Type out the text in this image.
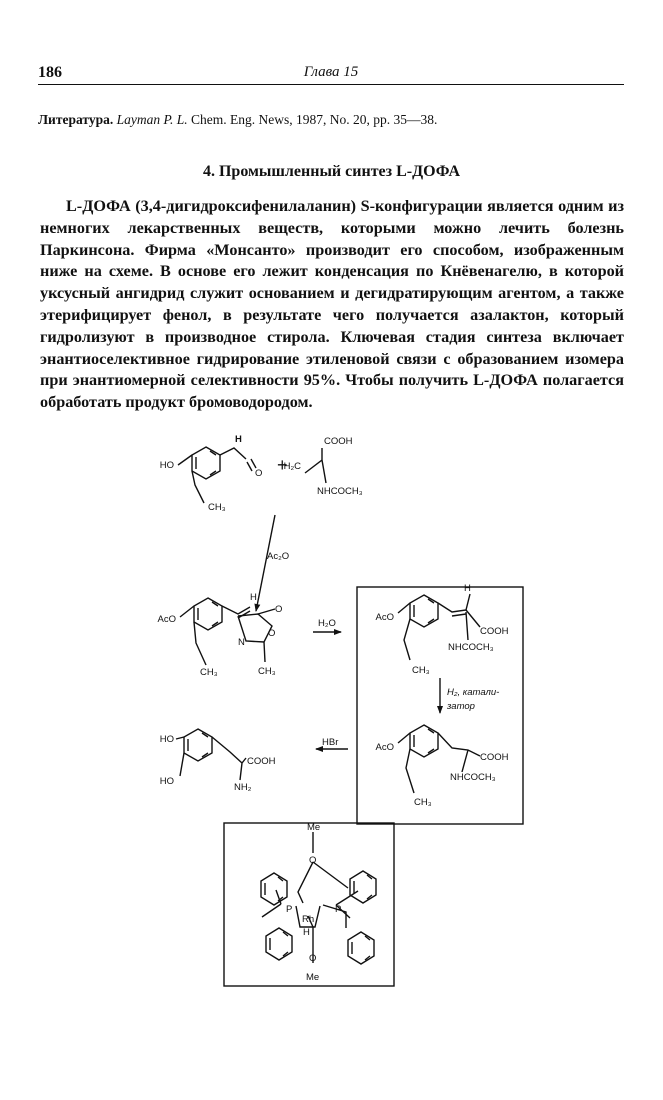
186	Глава 15
Литература. Layman P. L. Chem. Eng. News, 1987, No. 20, pp. 35—38.
4. Промышленный синтез L-ДОФА

L-ДОФА (3,4-дигидроксифенилаланин) S-конфигурации является одним из немногих лекарственных веществ, которыми можно лечить болезнь Паркинсона. Фирма «Монсанто» производит его способом, изображенным ниже на схеме. В основе его лежит конденсация по Кнёвенагелю, в которой уксусный ангидрид служит основанием и дегидратирующим агентом, а также этерифицирует фенол, в результате чего получается азалактон, который гидролизуют в производное стирола. Ключевая стадия синтеза включает энантиоселективное гидрирование этиленовой связи с образованием изомера при энантиомерной селективности 95%. Чтобы получить L-ДОФА полагается обработать продукт бромоводородом.

HO
H
O
CH₃
+
H₂C
COOH
NHCOCH₃
Ac₂O
AcO
H
O
O
N
CH₃
CH₃
H₂O
AcO
H
COOH
NHCOCH₃
CH₃
H₂, катали-
затор
AcO
COOH
NHCOCH₃
CH₃
HBr
HO
HO
COOH
NH₂
Me
O
P	P
Rh
H
O
Me
